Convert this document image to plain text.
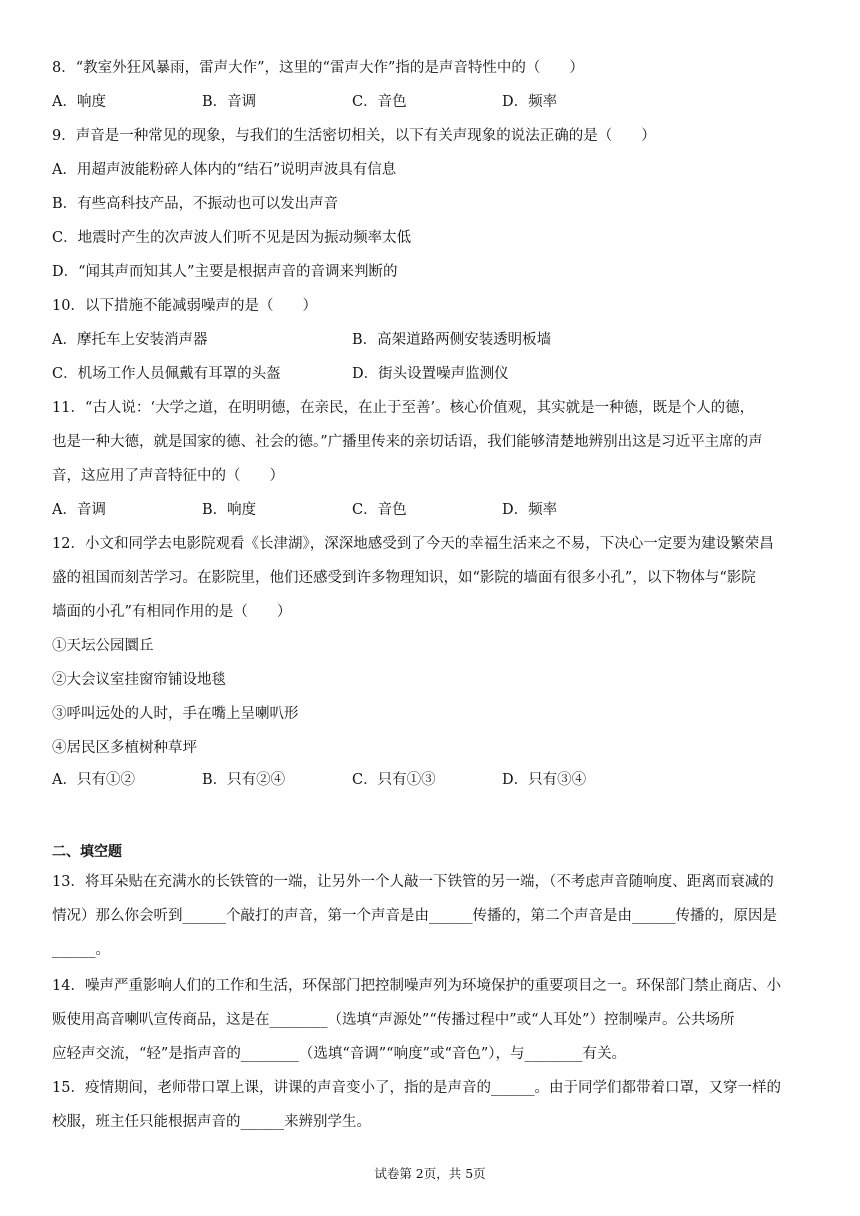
8．“教室外狂风暴雨，雷声大作”，这里的“雷声大作”指的是声音特性中的（　　）
A．响度	B．音调	C．音色	D．频率
9．声音是一种常见的现象，与我们的生活密切相关，以下有关声现象的说法正确的是（　　）
A．用超声波能粉碎人体内的“结石”说明声波具有信息
B．有些高科技产品，不振动也可以发出声音
C．地震时产生的次声波人们听不见是因为振动频率太低
D．“闻其声而知其人”主要是根据声音的音调来判断的
10．以下措施不能减弱噪声的是（　　）
A．摩托车上安装消声器	B．高架道路两侧安装透明板墙
C．机场工作人员佩戴有耳罩的头盔	D．街头设置噪声监测仪
11．“古人说：‘大学之道，在明明德，在亲民，在止于至善’。核心价值观，其实就是一种德，既是个人的德，
也是一种大德，就是国家的德、社会的德。”广播里传来的亲切话语，我们能够清楚地辨别出这是习近平主席的声
音，这应用了声音特征中的（　　）
A．音调	B．响度	C．音色	D．频率
12．小文和同学去电影院观看《长津湖》，深深地感受到了今天的幸福生活来之不易，下决心一定要为建设繁荣昌
盛的祖国而刻苦学习。在影院里，他们还感受到许多物理知识，如“影院的墙面有很多小孔”，以下物体与“影院
墙面的小孔”有相同作用的是（　　）
①天坛公园圜丘
②大会议室挂窗帘铺设地毯
③呼叫远处的人时，手在嘴上呈喇叭形
④居民区多植树种草坪
A．只有①②	B．只有②④	C．只有①③	D．只有③④
二、填空题
13．将耳朵贴在充满水的长铁管的一端，让另外一个人敲一下铁管的另一端，（不考虑声音随响度、距离而衰减的
情况）那么你会听到______个敲打的声音，第一个声音是由______传播的，第二个声音是由______传播的，原因是
______。
14．噪声严重影响人们的工作和生活，环保部门把控制噪声列为环境保护的重要项目之一。环保部门禁止商店、小
贩使用高音喇叭宣传商品，这是在________（选填“声源处”“传播过程中”或“人耳处”）控制噪声。公共场所
应轻声交流，“轻”是指声音的________（选填“音调”“响度”或“音色”），与________有关。
15．疫情期间，老师带口罩上课，讲课的声音变小了，指的是声音的______。由于同学们都带着口罩，又穿一样的
校服，班主任只能根据声音的______来辨别学生。
试卷第 2页，共 5页
